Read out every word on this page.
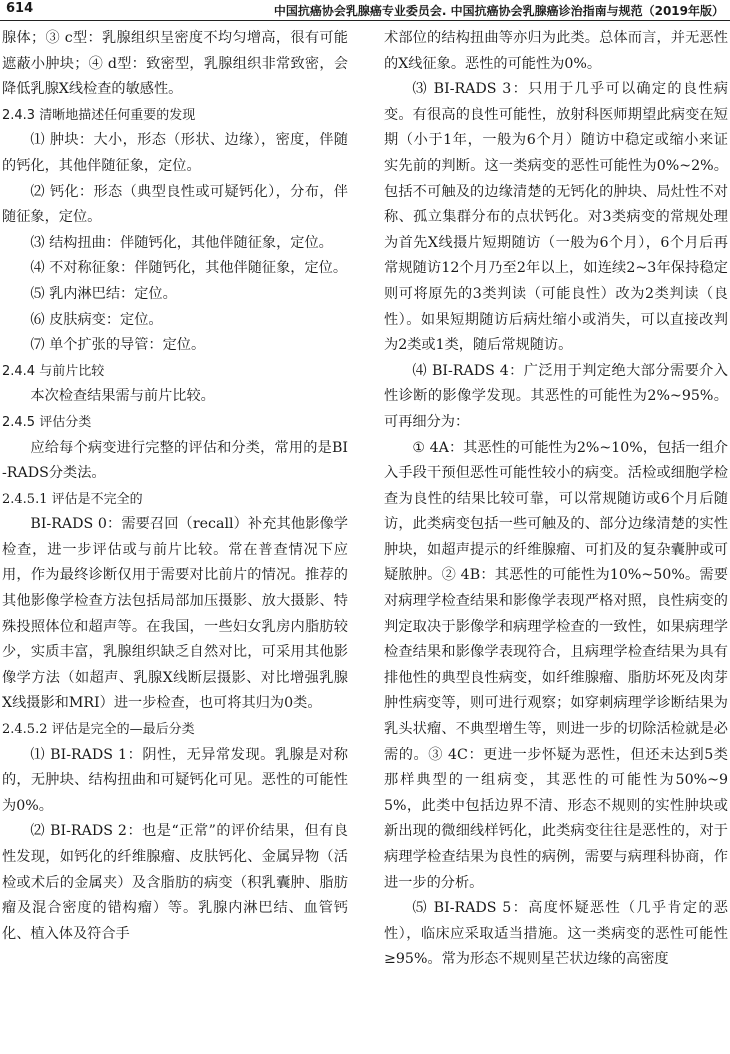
614	中国抗癌协会乳腺癌专业委员会. 中国抗癌协会乳腺癌诊治指南与规范（2019年版）

腺体；③ c型：乳腺组织呈密度不均匀增高，很有可能遮蔽小肿块；④ d型：致密型，乳腺组织非常致密，会降低乳腺X线检查的敏感性。

2.4.3 清晰地描述任何重要的发现

⑴ 肿块：大小，形态（形状、边缘），密度，伴随的钙化，其他伴随征象，定位。

⑵ 钙化：形态（典型良性或可疑钙化），分布，伴随征象，定位。

⑶ 结构扭曲：伴随钙化，其他伴随征象，定位。

⑷ 不对称征象：伴随钙化，其他伴随征象，定位。

⑸ 乳内淋巴结：定位。

⑹ 皮肤病变：定位。

⑺ 单个扩张的导管：定位。

2.4.4 与前片比较

本次检查结果需与前片比较。

2.4.5 评估分类

应给每个病变进行完整的评估和分类，常用的是BI-RADS分类法。

2.4.5.1 评估是不完全的

BI-RADS 0：需要召回（recall）补充其他影像学检查，进一步评估或与前片比较。常在普查情况下应用，作为最终诊断仅用于需要对比前片的情况。推荐的其他影像学检查方法包括局部加压摄影、放大摄影、特殊投照体位和超声等。在我国，一些妇女乳房内脂肪较少，实质丰富，乳腺组织缺乏自然对比，可采用其他影像学方法（如超声、乳腺X线断层摄影、对比增强乳腺X线摄影和MRI）进一步检查，也可将其归为0类。

2.4.5.2 评估是完全的—最后分类

⑴ BI-RADS 1：阴性，无异常发现。乳腺是对称的，无肿块、结构扭曲和可疑钙化可见。恶性的可能性为0%。

⑵ BI-RADS 2：也是“正常”的评价结果，但有良性发现，如钙化的纤维腺瘤、皮肤钙化、金属异物（活检或术后的金属夹）及含脂肪的病变（积乳囊肿、脂肪瘤及混合密度的错构瘤）等。乳腺内淋巴结、血管钙化、植入体及符合手

术部位的结构扭曲等亦归为此类。总体而言，并无恶性的X线征象。恶性的可能性为0%。

⑶ BI-RADS 3：只用于几乎可以确定的良性病变。有很高的良性可能性，放射科医师期望此病变在短期（小于1年，一般为6个月）随访中稳定或缩小来证实先前的判断。这一类病变的恶性可能性为0%~2%。包括不可触及的边缘清楚的无钙化的肿块、局灶性不对称、孤立集群分布的点状钙化。对3类病变的常规处理为首先X线摄片短期随访（一般为6个月），6个月后再常规随访12个月乃至2年以上，如连续2~3年保持稳定则可将原先的3类判读（可能良性）改为2类判读（良性）。如果短期随访后病灶缩小或消失，可以直接改判为2类或1类，随后常规随访。

⑷ BI-RADS 4：广泛用于判定绝大部分需要介入性诊断的影像学发现。其恶性的可能性为2%~95%。可再细分为：

① 4A：其恶性的可能性为2%~10%，包括一组介入手段干预但恶性可能性较小的病变。活检或细胞学检查为良性的结果比较可靠，可以常规随访或6个月后随访，此类病变包括一些可触及的、部分边缘清楚的实性肿块，如超声提示的纤维腺瘤、可扪及的复杂囊肿或可疑脓肿。② 4B：其恶性的可能性为10%~50%。需要对病理学检查结果和影像学表现严格对照，良性病变的判定取决于影像学和病理学检查的一致性，如果病理学检查结果和影像学表现符合，且病理学检查结果为具有排他性的典型良性病变，如纤维腺瘤、脂肪坏死及肉芽肿性病变等，则可进行观察；如穿刺病理学诊断结果为乳头状瘤、不典型增生等，则进一步的切除活检就是必需的。③ 4C：更进一步怀疑为恶性，但还未达到5类那样典型的一组病变，其恶性的可能性为50%~95%，此类中包括边界不清、形态不规则的实性肿块或新出现的微细线样钙化，此类病变往往是恶性的，对于病理学检查结果为良性的病例，需要与病理科协商，作进一步的分析。

⑸ BI-RADS 5：高度怀疑恶性（几乎肯定的恶性），临床应采取适当措施。这一类病变的恶性可能性≥95%。常为形态不规则星芒状边缘的高密度
